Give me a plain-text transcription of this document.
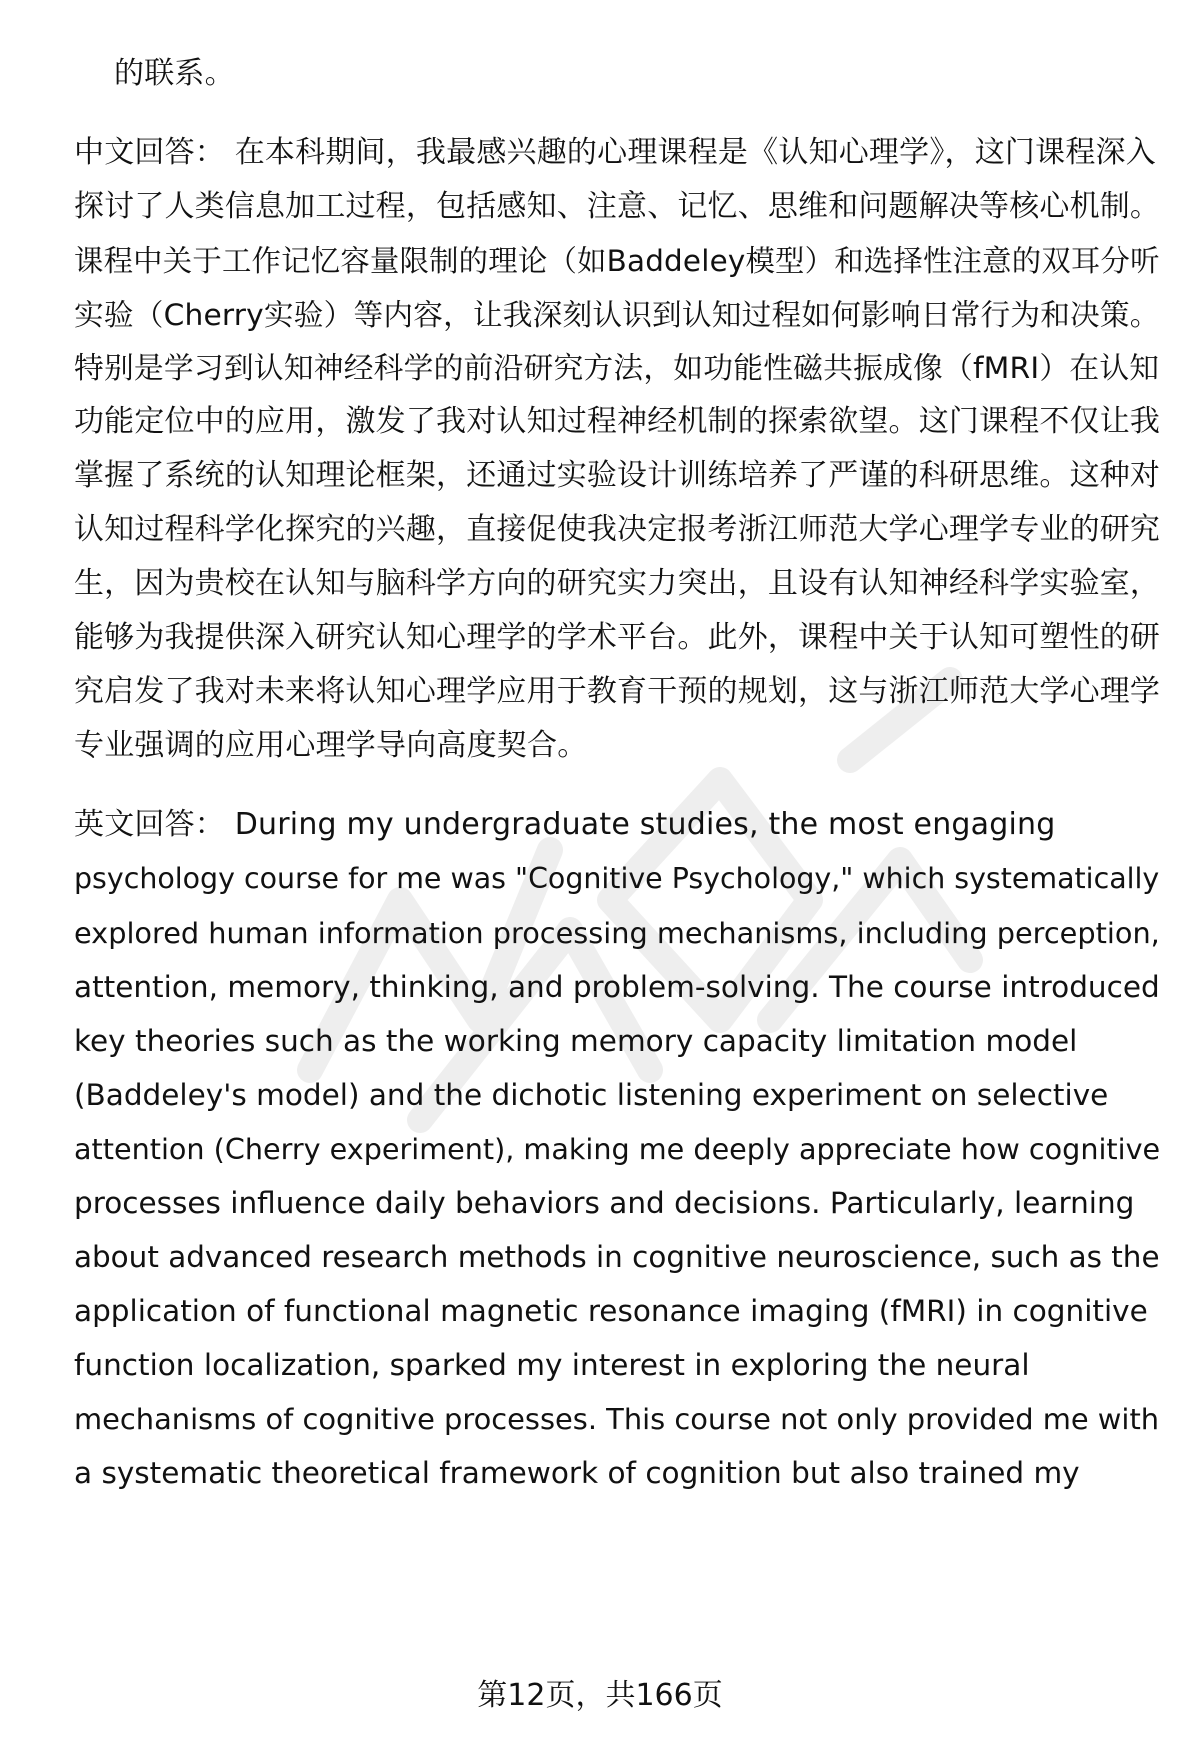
的联系。
中文回答： 在本科期间，我最感兴趣的心理课程是《认知心理学》，这门课程深入
探讨了人类信息加工过程，包括感知、注意、记忆、思维和问题解决等核心机制。
课程中关于工作记忆容量限制的理论（如Baddeley模型）和选择性注意的双耳分听
实验（Cherry实验）等内容，让我深刻认识到认知过程如何影响日常行为和决策。
特别是学习到认知神经科学的前沿研究方法，如功能性磁共振成像（fMRI）在认知
功能定位中的应用，激发了我对认知过程神经机制的探索欲望。这门课程不仅让我
掌握了系统的认知理论框架，还通过实验设计训练培养了严谨的科研思维。这种对
认知过程科学化探究的兴趣，直接促使我决定报考浙江师范大学心理学专业的研究
生，因为贵校在认知与脑科学方向的研究实力突出，且设有认知神经科学实验室，
能够为我提供深入研究认知心理学的学术平台。此外，课程中关于认知可塑性的研
究启发了我对未来将认知心理学应用于教育干预的规划，这与浙江师范大学心理学
专业强调的应用心理学导向高度契合。
英文回答： During my undergraduate studies, the most engaging
psychology course for me was "Cognitive Psychology," which systematically
explored human information processing mechanisms, including perception,
attention, memory, thinking, and problem-solving. The course introduced
key theories such as the working memory capacity limitation model
(Baddeley's model) and the dichotic listening experiment on selective
attention (Cherry experiment), making me deeply appreciate how cognitive
processes influence daily behaviors and decisions. Particularly, learning
about advanced research methods in cognitive neuroscience, such as the
application of functional magnetic resonance imaging (fMRI) in cognitive
function localization, sparked my interest in exploring the neural
mechanisms of cognitive processes. This course not only provided me with
a systematic theoretical framework of cognition but also trained my
第12页，共166页
